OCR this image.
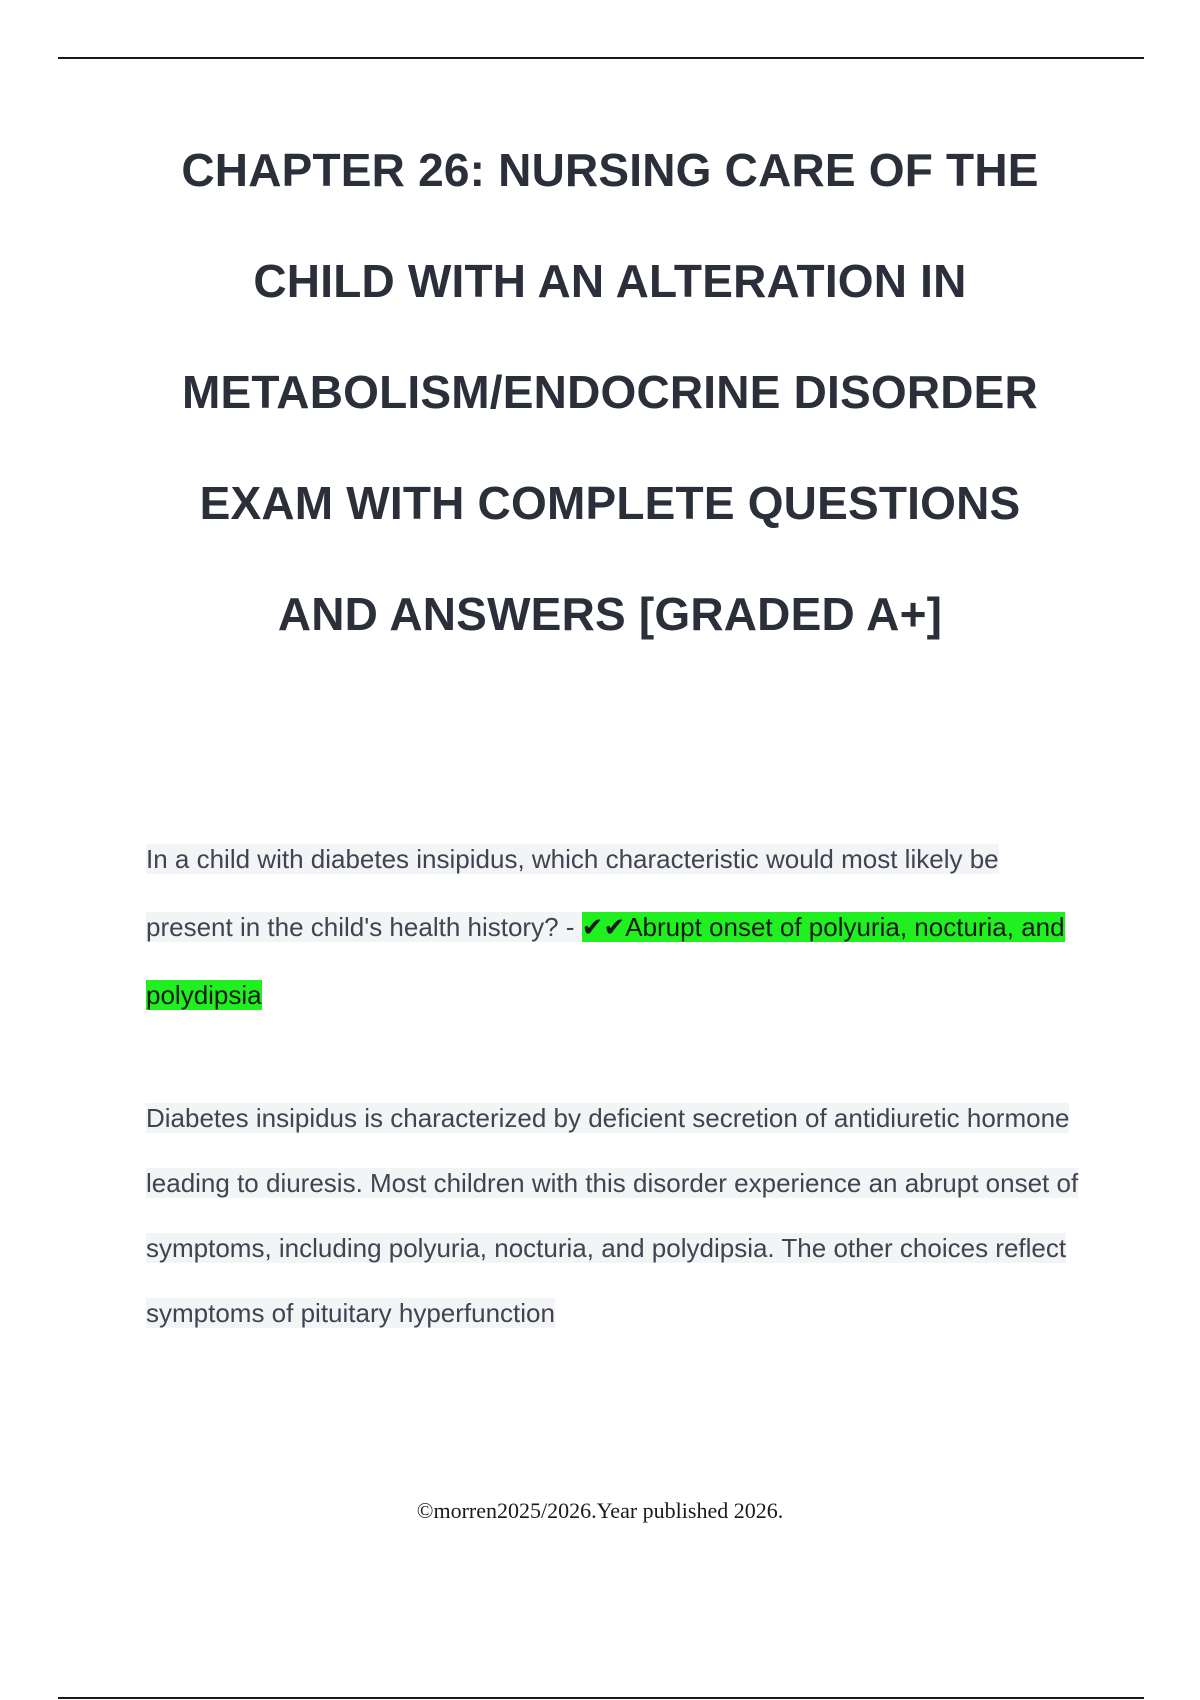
CHAPTER 26: NURSING CARE OF THE
CHILD WITH AN ALTERATION IN
METABOLISM/ENDOCRINE DISORDER
EXAM WITH COMPLETE QUESTIONS
AND ANSWERS [GRADED A+]
In a child with diabetes insipidus, which characteristic would most likely be present in the child's health history? - ✔✔Abrupt onset of polyuria, nocturia, and polydipsia
Diabetes insipidus is characterized by deficient secretion of antidiuretic hormone leading to diuresis. Most children with this disorder experience an abrupt onset of symptoms, including polyuria, nocturia, and polydipsia. The other choices reflect symptoms of pituitary hyperfunction
©morren2025/2026.Year published 2026.
